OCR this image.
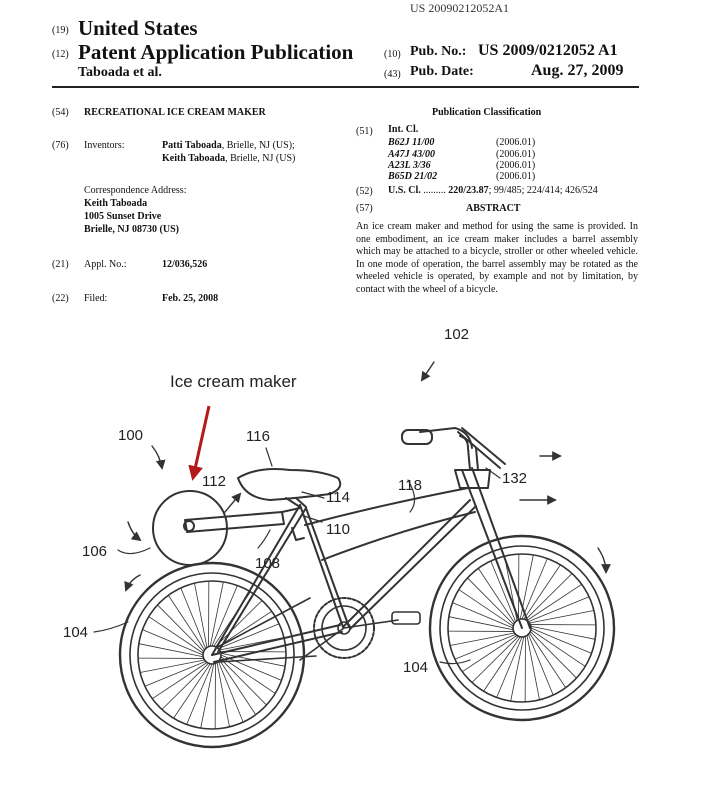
US 20090212052A1
(19) United States
(12) Patent Application Publication
Taboada et al.
(10) Pub. No.: US 2009/0212052 A1
(43) Pub. Date:	Aug. 27, 2009
(54) RECREATIONAL ICE CREAM MAKER
(76) Inventors:	Patti Taboada, Brielle, NJ (US);
Keith Taboada, Brielle, NJ (US)
Correspondence Address:
Keith Taboada
1005 Sunset Drive
Brielle, NJ 08730 (US)
(21) Appl. No.:	12/036,526
(22) Filed:	Feb. 25, 2008
Publication Classification
(51) Int. Cl.
B62J 11/00	(2006.01)
A47J 43/00	(2006.01)
A23L 3/36	(2006.01)
B65D 21/02	(2006.01)
(52) U.S. Cl. ......... 220/23.87; 99/485; 224/414; 426/524
(57)	ABSTRACT
An ice cream maker and method for using the same is provided. In one embodiment, an ice cream maker includes a barrel assembly which may be attached to a bicycle, stroller or other wheeled vehicle. In one mode of operation, the barrel assembly may be rotated as the wheeled vehicle is operated, by example and not by limitation, by contact with the wheel of a bicycle.
102
100	116
112
114
118	132
110
106
108
104
104
Ice cream maker
